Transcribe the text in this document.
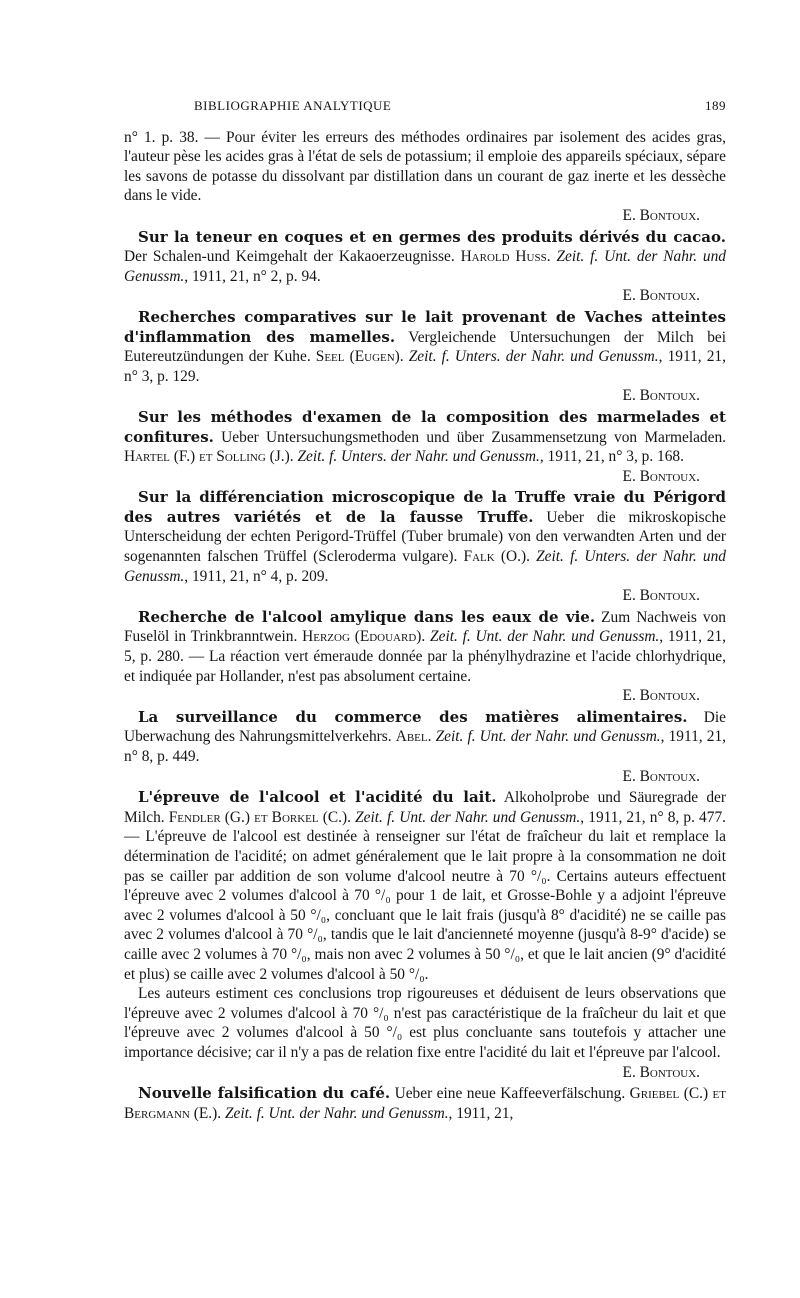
BIBLIOGRAPHIE ANALYTIQUE	189

n° 1. p. 38. — Pour éviter les erreurs des méthodes ordinaires par isolement des acides gras, l'auteur pèse les acides gras à l'état de sels de potassium; il emploie des appareils spéciaux, sépare les savons de potasse du dissolvant par distillation dans un courant de gaz inerte et les dessèche dans le vide.

E. Bontoux.

Sur la teneur en coques et en germes des produits dérivés du cacao. Der Schalen-und Keimgehalt der Kakaoerzeugnisse. Harold Huss. Zeit. f. Unt. der Nahr. und Genussm., 1911, 21, n° 2, p. 94.

E. Bontoux.

Recherches comparatives sur le lait provenant de Vaches atteintes d'inflammation des mamelles. Vergleichende Untersuchungen der Milch bei Eutereutzündungen der Kuhe. Seel (Eugen). Zeit. f. Unters. der Nahr. und Genussm., 1911, 21, n° 3, p. 129.

E. Bontoux.

Sur les méthodes d'examen de la composition des marmelades et confitures. Ueber Untersuchungsmethoden und über Zusammensetzung von Marmeladen. Hartel (F.) et Solling (J.). Zeit. f. Unters. der Nahr. und Genussm., 1911, 21, n° 3, p. 168.

E. Bontoux.

Sur la différenciation microscopique de la Truffe vraie du Périgord des autres variétés et de la fausse Truffe. Ueber die mikroskopische Unterscheidung der echten Perigord-Trüffel (Tuber brumale) von den verwandten Arten und der sogenannten falschen Trüffel (Scleroderma vulgare). Falk (O.). Zeit. f. Unters. der Nahr. und Genussm., 1911, 21, n° 4, p. 209.

E. Bontoux.

Recherche de l'alcool amylique dans les eaux de vie. Zum Nachweis von Fuselöl in Trinkbranntwein. Herzog (Edouard). Zeit. f. Unt. der Nahr. und Genussm., 1911, 21, 5, p. 280. — La réaction vert émeraude donnée par la phénylhydrazine et l'acide chlorhydrique, et indiquée par Hollander, n'est pas absolument certaine.

E. Bontoux.

La surveillance du commerce des matières alimentaires. Die Uberwachung des Nahrungsmittelverkehrs. Abel. Zeit. f. Unt. der Nahr. und Genussm., 1911, 21, n° 8, p. 449.

E. Bontoux.

L'épreuve de l'alcool et l'acidité du lait. Alkoholprobe und Säuregrade der Milch. Fendler (G.) et Borkel (C.). Zeit. f. Unt. der Nahr. und Genussm., 1911, 21, n° 8, p. 477. — L'épreuve de l'alcool est destinée à renseigner sur l'état de fraîcheur du lait et remplace la détermination de l'acidité; on admet généralement que le lait propre à la consommation ne doit pas se cailler par addition de son volume d'alcool neutre à 70 °/₀. Certains auteurs effectuent l'épreuve avec 2 volumes d'alcool à 70 °/₀ pour 1 de lait, et Grosse-Bohle y a adjoint l'épreuve avec 2 volumes d'alcool à 50 °/₀, concluant que le lait frais (jusqu'à 8° d'acidité) ne se caille pas avec 2 volumes d'alcool à 70 °/₀, tandis que le lait d'ancienneté moyenne (jusqu'à 8-9° d'acide) se caille avec 2 volumes à 70 °/₀, mais non avec 2 volumes à 50 °/₀, et que le lait ancien (9° d'acidité et plus) se caille avec 2 volumes d'alcool à 50 °/₀.

Les auteurs estiment ces conclusions trop rigoureuses et déduisent de leurs observations que l'épreuve avec 2 volumes d'alcool à 70 °/₀ n'est pas caractéristique de la fraîcheur du lait et que l'épreuve avec 2 volumes d'alcool à 50 °/₀ est plus concluante sans toutefois y attacher une importance décisive; car il n'y a pas de relation fixe entre l'acidité du lait et l'épreuve par l'alcool.

E. Bontoux.

Nouvelle falsification du café. Ueber eine neue Kaffeeverfälschung. Griebel (C.) et Bergmann (E.). Zeit. f. Unt. der Nahr. und Genussm., 1911, 21,
